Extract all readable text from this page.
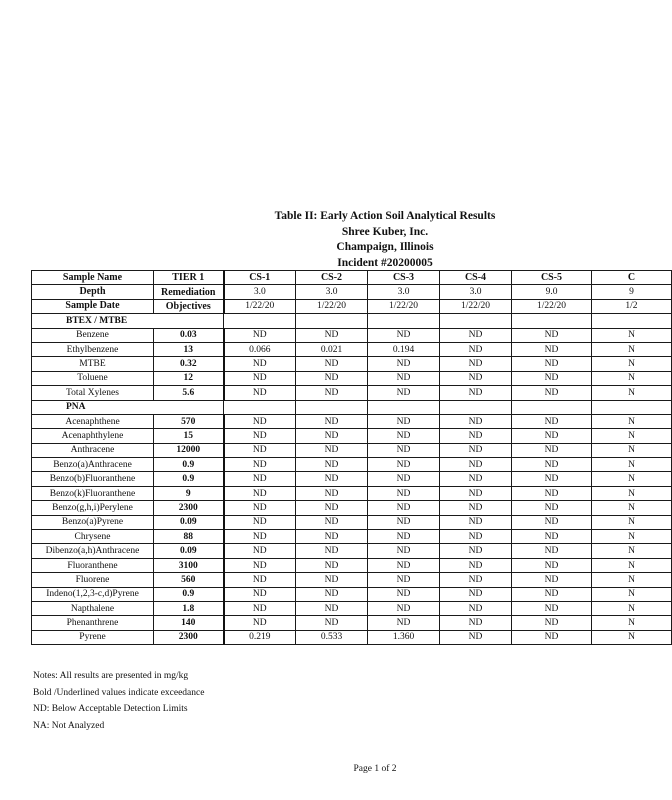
Table II: Early Action Soil Analytical Results
Shree Kuber, Inc.
Champaign, Illinois
Incident #20200005
Sample Name	TIER 1	CS-1	CS-2	CS-3	CS-4	CS-5	C
Depth	Remediation	3.0	3.0	3.0	3.0	9.0	9
Sample Date	Objectives	1/22/20	1/22/20	1/22/20	1/22/20	1/22/20	1/2
BTEX / MTBE							
Benzene	0.03	ND	ND	ND	ND	ND	N
Ethylbenzene	13	0.066	0.021	0.194	ND	ND	N
MTBE	0.32	ND	ND	ND	ND	ND	N
Toluene	12	ND	ND	ND	ND	ND	N
Total Xylenes	5.6	ND	ND	ND	ND	ND	N
PNA							
Acenaphthene	570	ND	ND	ND	ND	ND	N
Acenaphthylene	15	ND	ND	ND	ND	ND	N
Anthracene	12000	ND	ND	ND	ND	ND	N
Benzo(a)Anthracene	0.9	ND	ND	ND	ND	ND	N
Benzo(b)Fluoranthene	0.9	ND	ND	ND	ND	ND	N
Benzo(k)Fluoranthene	9	ND	ND	ND	ND	ND	N
Benzo(g,h,i)Perylene	2300	ND	ND	ND	ND	ND	N
Benzo(a)Pyrene	0.09	ND	ND	ND	ND	ND	N
Chrysene	88	ND	ND	ND	ND	ND	N
Dibenzo(a,h)Anthracene	0.09	ND	ND	ND	ND	ND	N
Fluoranthene	3100	ND	ND	ND	ND	ND	N
Fluorene	560	ND	ND	ND	ND	ND	N
Indeno(1,2,3-c,d)Pyrene	0.9	ND	ND	ND	ND	ND	N
Napthalene	1.8	ND	ND	ND	ND	ND	N
Phenanthrene	140	ND	ND	ND	ND	ND	N
Pyrene	2300	0.219	0.533	1.360	ND	ND	N
Notes: All results are presented in mg/kg
Bold /Underlined values indicate exceedance
ND: Below Acceptable Detection Limits
NA: Not Analyzed
Page 1 of 2
